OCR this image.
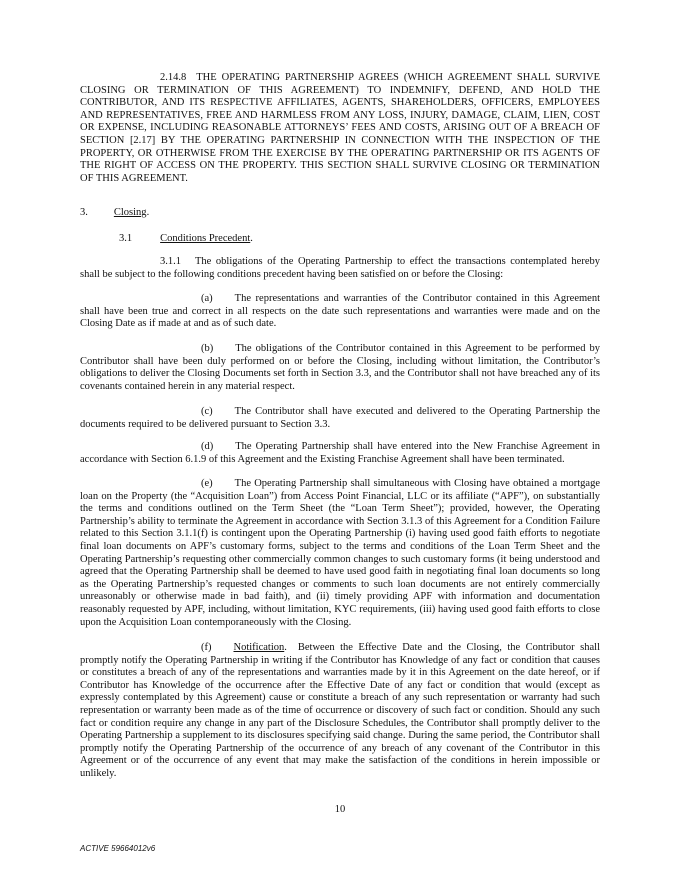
2.14.8 THE OPERATING PARTNERSHIP AGREES (WHICH AGREEMENT SHALL SURVIVE CLOSING OR TERMINATION OF THIS AGREEMENT) TO INDEMNIFY, DEFEND, AND HOLD THE CONTRIBUTOR, AND ITS RESPECTIVE AFFILIATES, AGENTS, SHAREHOLDERS, OFFICERS, EMPLOYEES AND REPRESENTATIVES, FREE AND HARMLESS FROM ANY LOSS, INJURY, DAMAGE, CLAIM, LIEN, COST OR EXPENSE, INCLUDING REASONABLE ATTORNEYS’ FEES AND COSTS, ARISING OUT OF A BREACH OF SECTION [2.17] BY THE OPERATING PARTNERSHIP IN CONNECTION WITH THE INSPECTION OF THE PROPERTY, OR OTHERWISE FROM THE EXERCISE BY THE OPERATING PARTNERSHIP OR ITS AGENTS OF THE RIGHT OF ACCESS ON THE PROPERTY. THIS SECTION SHALL SURVIVE CLOSING OR TERMINATION OF THIS AGREEMENT.

3. Closing.
3.1	Conditions Precedent.

3.1.1 The obligations of the Operating Partnership to effect the transactions contemplated hereby shall be subject to the following conditions precedent having been satisfied on or before the Closing:

(a) The representations and warranties of the Contributor contained in this Agreement shall have been true and correct in all respects on the date such representations and warranties were made and on the Closing Date as if made at and as of such date.

(b) The obligations of the Contributor contained in this Agreement to be performed by Contributor shall have been duly performed on or before the Closing, including without limitation, the Contributor’s obligations to deliver the Closing Documents set forth in Section 3.3, and the Contributor shall not have breached any of its covenants contained herein in any material respect.

(c) The Contributor shall have executed and delivered to the Operating Partnership the documents required to be delivered pursuant to Section 3.3.

(d) The Operating Partnership shall have entered into the New Franchise Agreement in accordance with Section 6.1.9 of this Agreement and the Existing Franchise Agreement shall have been terminated.

(e) The Operating Partnership shall simultaneous with Closing have obtained a mortgage loan on the Property (the “Acquisition Loan”) from Access Point Financial, LLC or its affiliate (“APF”), on substantially the terms and conditions outlined on the Term Sheet (the “Loan Term Sheet”); provided, however, the Operating Partnership’s ability to terminate the Agreement in accordance with Section 3.1.3 of this Agreement for a Condition Failure related to this Section 3.1.1(f) is contingent upon the Operating Partnership (i) having used good faith efforts to negotiate final loan documents on APF’s customary forms, subject to the terms and conditions of the Loan Term Sheet and the Operating Partnership’s requesting other commercially common changes to such customary forms (it being understood and agreed that the Operating Partnership shall be deemed to have used good faith in negotiating final loan documents so long as the Operating Partnership’s requested changes or comments to such loan documents are not entirely commercially unreasonably or otherwise made in bad faith), and (ii) timely providing APF with information and documentation reasonably requested by APF, including, without limitation, KYC requirements, (iii) having used good faith efforts to close upon the Acquisition Loan contemporaneously with the Closing.

(f) Notification. Between the Effective Date and the Closing, the Contributor shall promptly notify the Operating Partnership in writing if the Contributor has Knowledge of any fact or condition that causes or constitutes a breach of any of the representations and warranties made by it in this Agreement on the date hereof, or if Contributor has Knowledge of the occurrence after the Effective Date of any fact or condition that would (except as expressly contemplated by this Agreement) cause or constitute a breach of any such representation or warranty had such representation or warranty been made as of the time of occurrence or discovery of such fact or condition. Should any such fact or condition require any change in any part of the Disclosure Schedules, the Contributor shall promptly deliver to the Operating Partnership a supplement to its disclosures specifying said change. During the same period, the Contributor shall promptly notify the Operating Partnership of the occurrence of any breach of any covenant of the Contributor in this Agreement or of the occurrence of any event that may make the satisfaction of the conditions in herein impossible or unlikely.

10
ACTIVE 59664012v6
